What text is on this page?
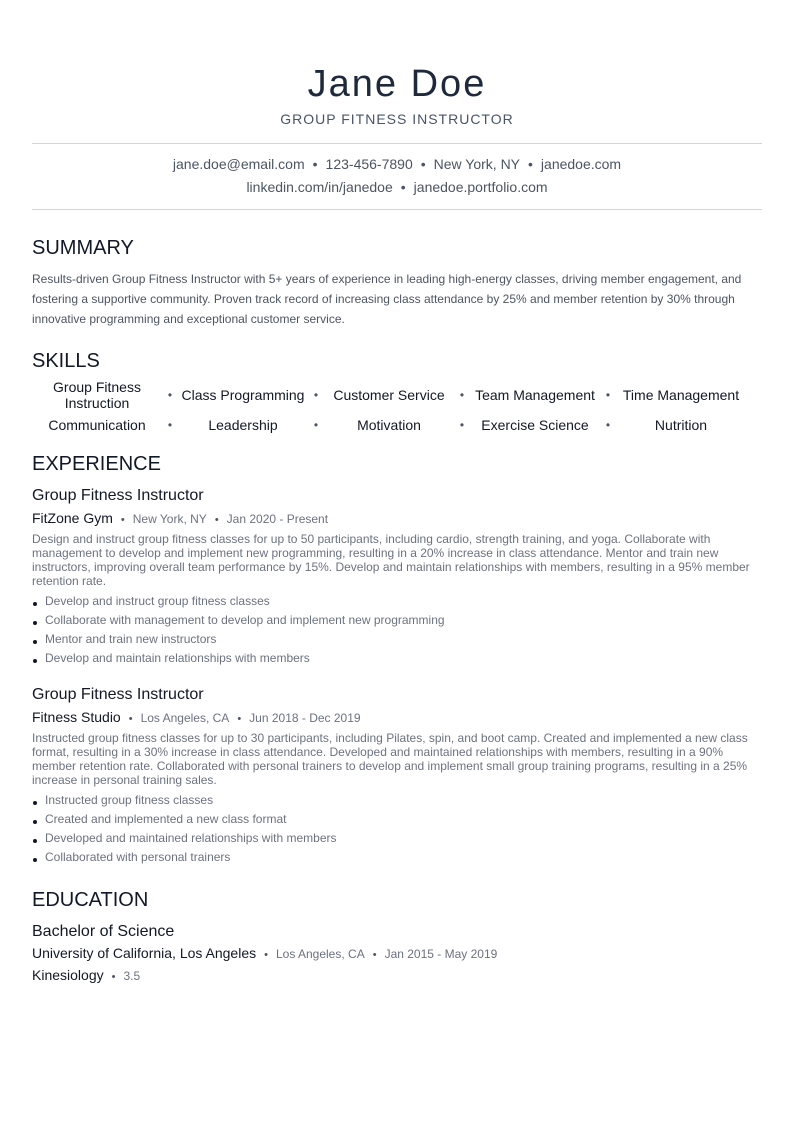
Jane Doe
GROUP FITNESS INSTRUCTOR
jane.doe@email.com • 123-456-7890 • New York, NY • janedoe.com
linkedin.com/in/janedoe • janedoe.portfolio.com
SUMMARY

Results-driven Group Fitness Instructor with 5+ years of experience in leading high-energy classes, driving member engagement, and fostering a supportive community. Proven track record of increasing class attendance by 25% and member retention by 30% through innovative programming and exceptional customer service.

SKILLS
Group Fitness Instruction	• Class Programming •	Customer Service	• Team Management • Time Management
Communication	•	Leadership	•	Motivation	•	Exercise Science	•	Nutrition
EXPERIENCE
Group Fitness Instructor
FitZone Gym • New York, NY • Jan 2020 - Present

Design and instruct group fitness classes for up to 50 participants, including cardio, strength training, and yoga. Collaborate with management to develop and implement new programming, resulting in a 20% increase in class attendance. Mentor and train new instructors, improving overall team performance by 15%. Develop and maintain relationships with members, resulting in a 95% member retention rate.

Develop and instruct group fitness classes
Collaborate with management to develop and implement new programming
Mentor and train new instructors
Develop and maintain relationships with members
Group Fitness Instructor
Fitness Studio • Los Angeles, CA • Jun 2018 - Dec 2019

Instructed group fitness classes for up to 30 participants, including Pilates, spin, and boot camp. Created and implemented a new class format, resulting in a 30% increase in class attendance. Developed and maintained relationships with members, resulting in a 90% member retention rate. Collaborated with personal trainers to develop and implement small group training programs, resulting in a 25% increase in personal training sales.

Instructed group fitness classes
Created and implemented a new class format
Developed and maintained relationships with members
Collaborated with personal trainers
EDUCATION
Bachelor of Science
University of California, Los Angeles • Los Angeles, CA • Jan 2015 - May 2019
Kinesiology • 3.5
